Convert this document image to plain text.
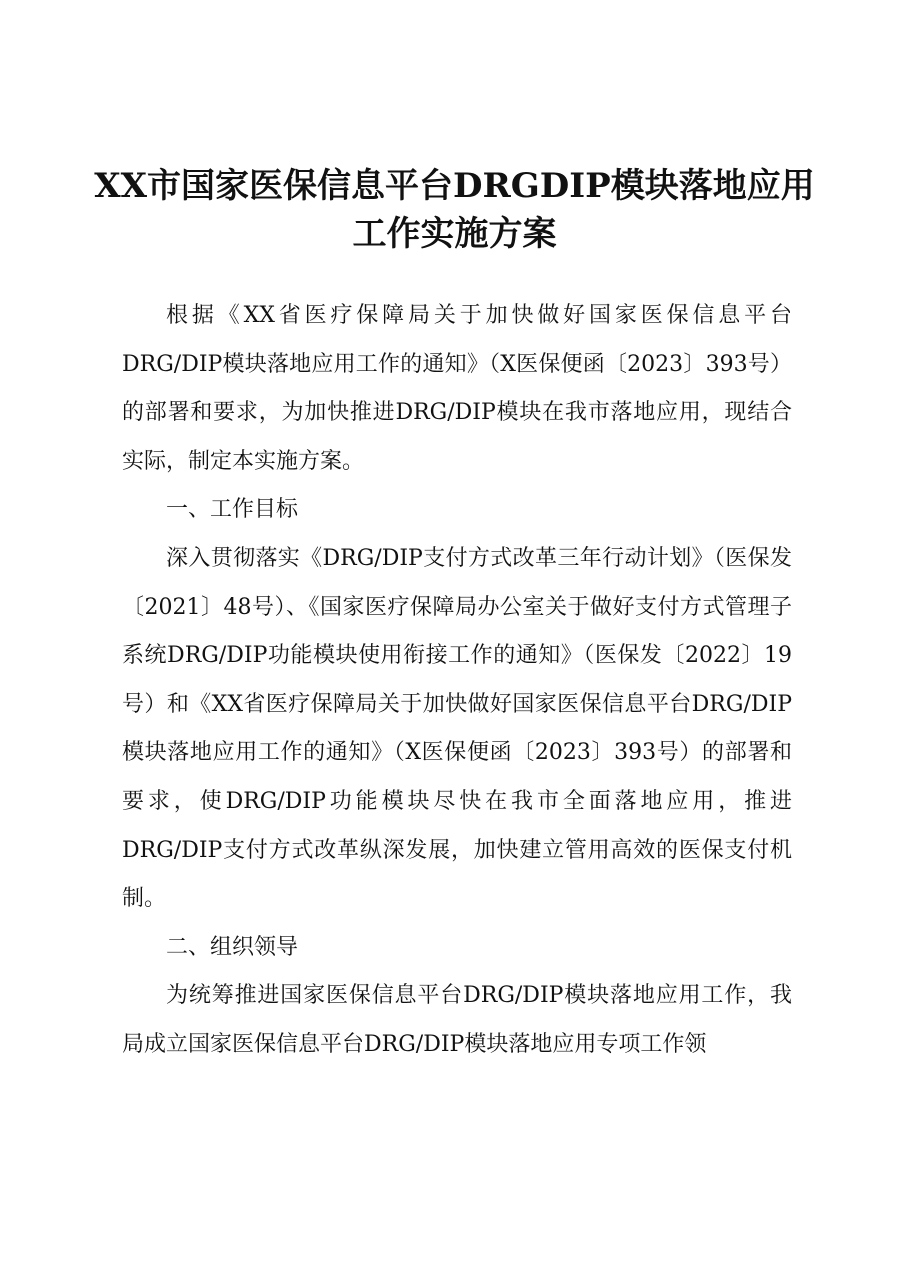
XX市国家医保信息平台DRGDIP模块落地应用
工作实施方案

根据《XX省医疗保障局关于加快做好国家医保信息平台DRG/DIP模块落地应用工作的通知》（X医保便函〔2023〕393号）的部署和要求，为加快推进DRG/DIP模块在我市落地应用，现结合实际，制定本实施方案。

一、工作目标

深入贯彻落实《DRG/DIP支付方式改革三年行动计划》（医保发〔2021〕48号）、《国家医疗保障局办公室关于做好支付方式管理子系统DRG/DIP功能模块使用衔接工作的通知》（医保发〔2022〕19号）和《XX省医疗保障局关于加快做好国家医保信息平台DRG/DIP模块落地应用工作的通知》（X医保便函〔2023〕393号）的部署和要求，使DRG/DIP功能模块尽快在我市全面落地应用，推进DRG/DIP支付方式改革纵深发展，加快建立管用高效的医保支付机制。

二、组织领导

为统筹推进国家医保信息平台DRG/DIP模块落地应用工作，我局成立国家医保信息平台DRG/DIP模块落地应用专项工作领
